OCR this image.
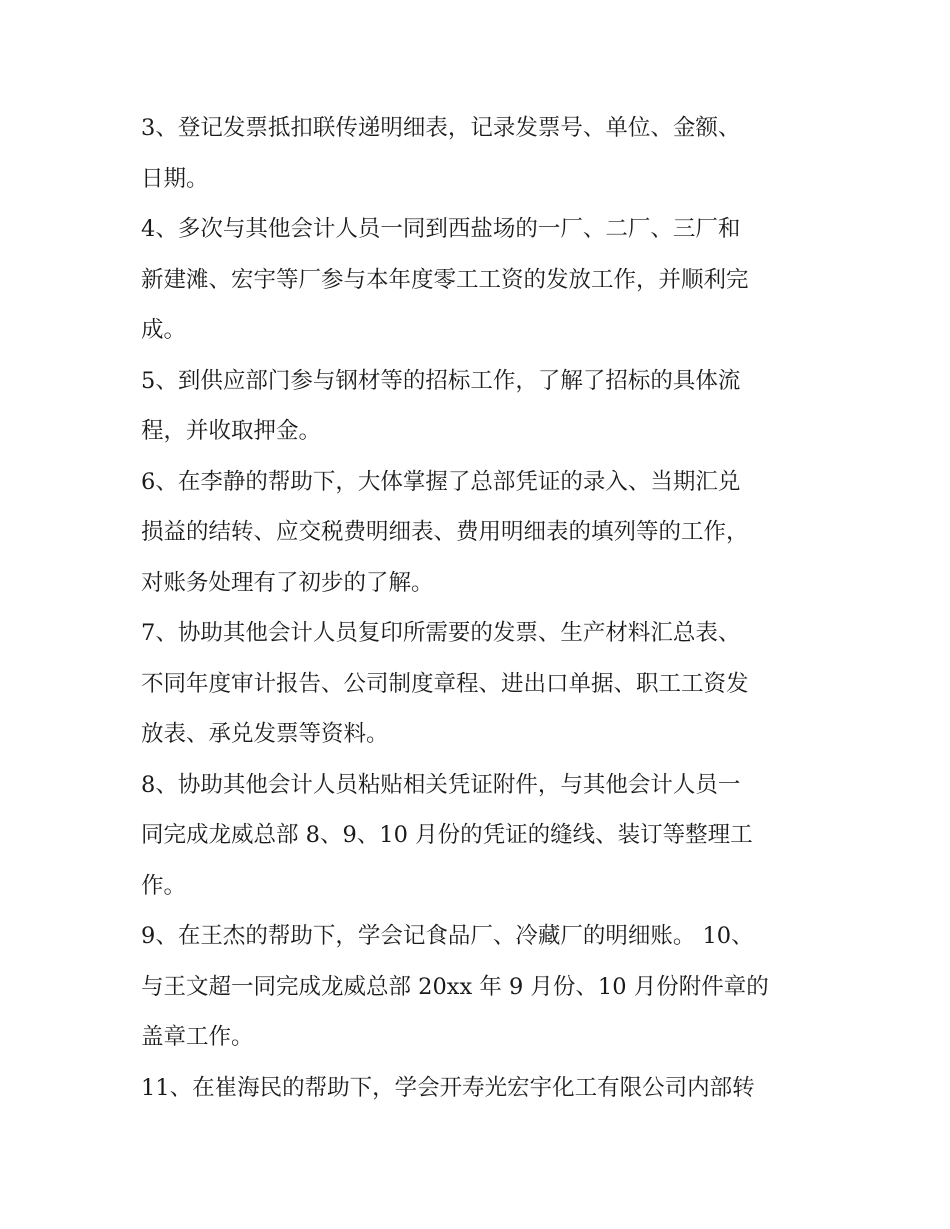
3、登记发票抵扣联传递明细表，记录发票号、单位、金额、
日期。
4、多次与其他会计人员一同到西盐场的一厂、二厂、三厂和
新建滩、宏宇等厂参与本年度零工工资的发放工作，并顺利完
成。
5、到供应部门参与钢材等的招标工作，了解了招标的具体流
程，并收取押金。
6、在李静的帮助下，大体掌握了总部凭证的录入、当期汇兑
损益的结转、应交税费明细表、费用明细表的填列等的工作，
对账务处理有了初步的了解。
7、协助其他会计人员复印所需要的发票、生产材料汇总表、
不同年度审计报告、公司制度章程、进出口单据、职工工资发
放表、承兑发票等资料。
8、协助其他会计人员粘贴相关凭证附件，与其他会计人员一
同完成龙威总部 8、9、10 月份的凭证的缝线、装订等整理工
作。
9、在王杰的帮助下，学会记食品厂、冷藏厂的明细账。 10、
与王文超一同完成龙威总部 20xx 年 9 月份、10 月份附件章的
盖章工作。
11、在崔海民的帮助下，学会开寿光宏宇化工有限公司内部转
